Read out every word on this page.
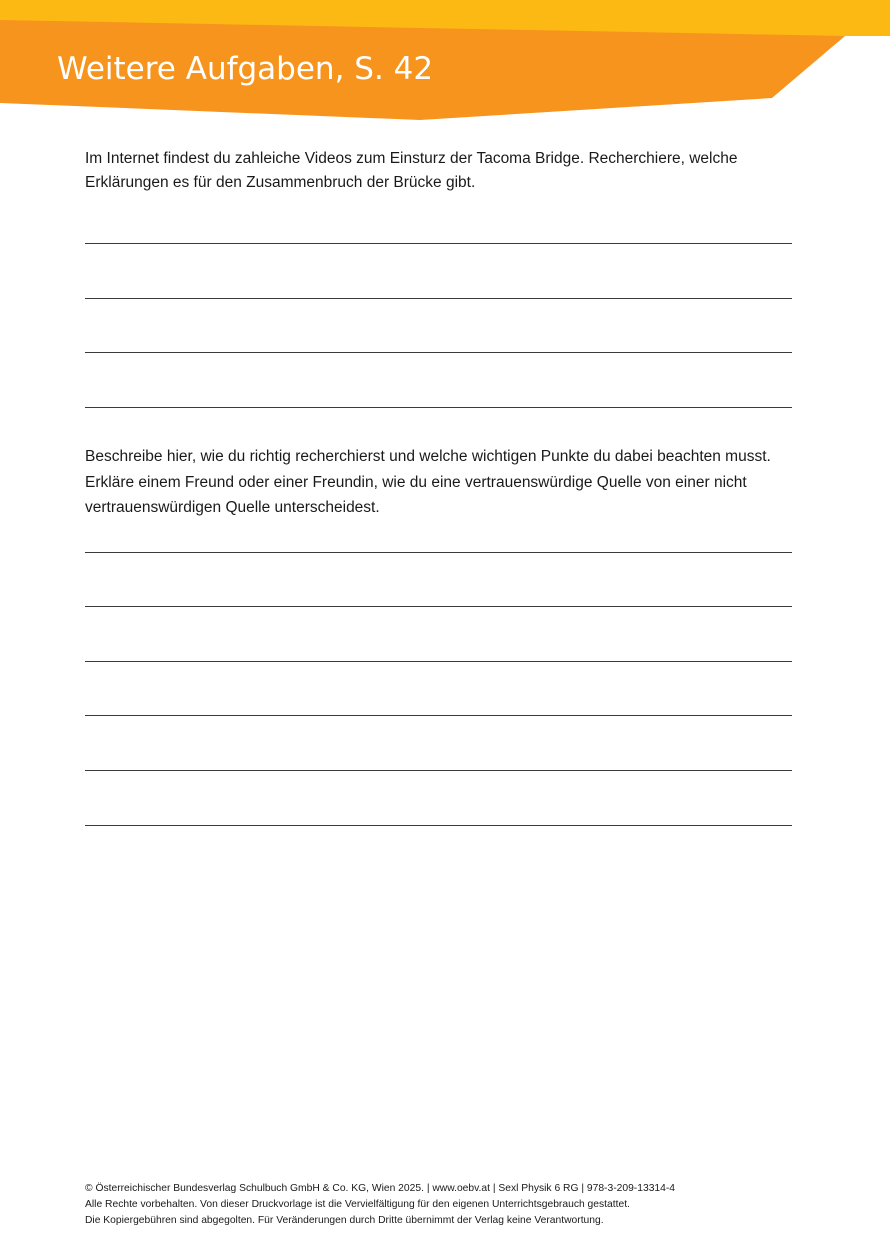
Weitere Aufgaben, S. 42

Im Internet findest du zahleiche Videos zum Einsturz der Tacoma Bridge. Recherchiere, welche Erklärungen es für den Zusammenbruch der Brücke gibt.

Beschreibe hier, wie du richtig recherchierst und welche wichtigen Punkte du dabei beachten musst. Erkläre einem Freund oder einer Freundin, wie du eine vertrauenswürdige Quelle von einer nicht vertrauenswürdigen Quelle unterscheidest.

© Österreichischer Bundesverlag Schulbuch GmbH & Co. KG, Wien 2025. | www.oebv.at | Sexl Physik 6 RG | 978-3-209-13314-4
Alle Rechte vorbehalten. Von dieser Druckvorlage ist die Vervielfältigung für den eigenen Unterrichtsgebrauch gestattet.
Die Kopiergebühren sind abgegolten. Für Veränderungen durch Dritte übernimmt der Verlag keine Verantwortung.
